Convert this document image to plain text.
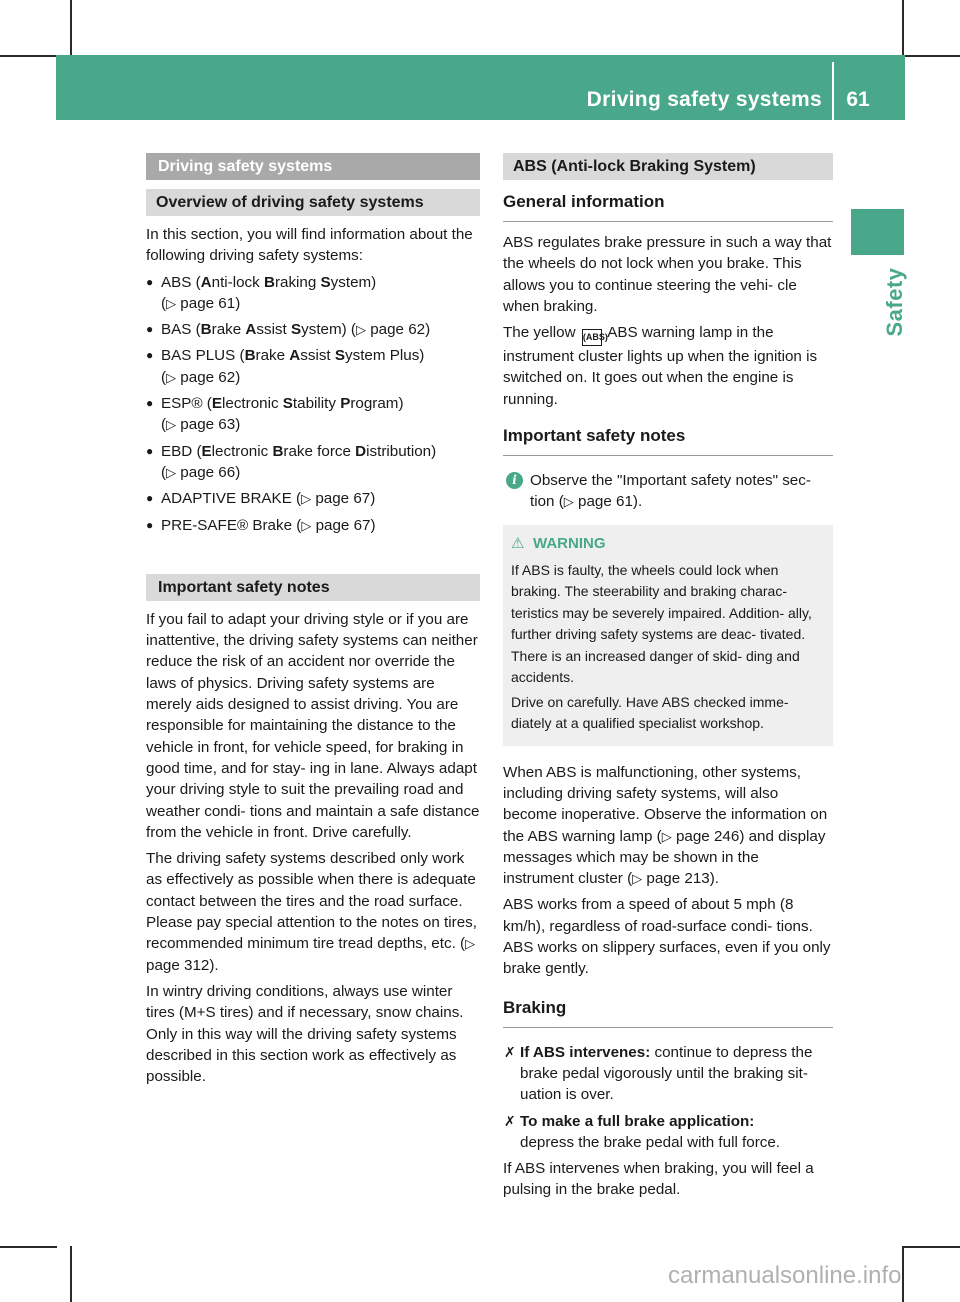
Driving safety systems	61
Safety
Driving safety systems
Overview of driving safety systems

In this section, you will find information about the following driving safety systems:

● ABS (Anti-lock Braking System)
(▷ page 61)
● BAS (Brake Assist System) (▷ page 62)
● BAS PLUS (Brake Assist System Plus)
(▷ page 62)
● ESP® (Electronic Stability Program)
(▷ page 63)
● EBD (Electronic Brake force Distribution)
(▷ page 66)
● ADAPTIVE BRAKE (▷ page 67)
● PRE-SAFE® Brake (▷ page 67)
Important safety notes

If you fail to adapt your driving style or if you are inattentive, the driving safety systems can neither reduce the risk of an accident nor override the laws of physics. Driving safety systems are merely aids designed to assist driving. You are responsible for maintaining the distance to the vehicle in front, for vehicle speed, for braking in good time, and for stay- ing in lane. Always adapt your driving style to suit the prevailing road and weather condi- tions and maintain a safe distance from the vehicle in front. Drive carefully.

The driving safety systems described only work as effectively as possible when there is adequate contact between the tires and the road surface. Please pay special attention to the notes on tires, recommended minimum tire tread depths, etc. (▷ page 312).

In wintry driving conditions, always use winter tires (M+S tires) and if necessary, snow chains. Only in this way will the driving safety systems described in this section work as effectively as possible.

ABS (Anti-lock Braking System)
General information

ABS regulates brake pressure in such a way that the wheels do not lock when you brake. This allows you to continue steering the vehi- cle when braking.

The yellow (ABS) ABS warning lamp in the instrument cluster lights up when the ignition is switched on. It goes out when the engine is running.

Important safety notes
i Observe the "Important safety notes" sec- tion (▷ page 61).
⚠ WARNING

If ABS is faulty, the wheels could lock when braking. The steerability and braking charac- teristics may be severely impaired. Addition- ally, further driving safety systems are deac- tivated. There is an increased danger of skid- ding and accidents.

Drive on carefully. Have ABS checked imme- diately at a qualified specialist workshop.

When ABS is malfunctioning, other systems, including driving safety systems, will also become inoperative. Observe the information on the ABS warning lamp (▷ page 246) and display messages which may be shown in the instrument cluster (▷ page 213).

ABS works from a speed of about 5 mph (8 km/h), regardless of road-surface condi- tions. ABS works on slippery surfaces, even if you only brake gently.

Braking
✗ If ABS intervenes: continue to depress the brake pedal vigorously until the braking sit- uation is over.
✗ To make a full brake application:
depress the brake pedal with full force.

If ABS intervenes when braking, you will feel a pulsing in the brake pedal.

carmanualsonline.info
